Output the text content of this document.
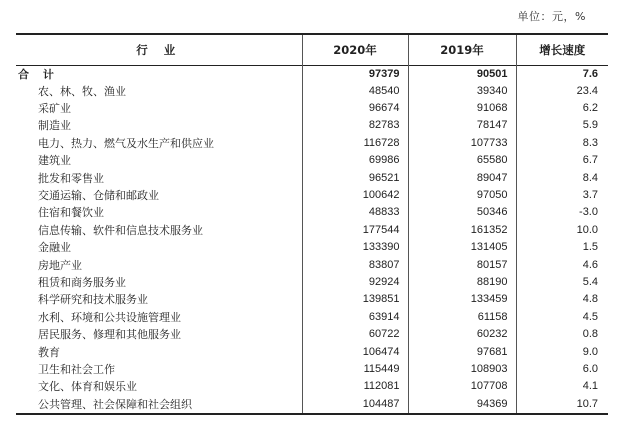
单位：元，%
行 业	2020年	2019年	增长速度
合 计	97379	90501	7.6
农、林、牧、渔业	48540	39340	23.4
采矿业	96674	91068	6.2
制造业	82783	78147	5.9
电力、热力、燃气及水生产和供应业	116728	107733	8.3
建筑业	69986	65580	6.7
批发和零售业	96521	89047	8.4
交通运输、仓储和邮政业	100642	97050	3.7
住宿和餐饮业	48833	50346	-3.0
信息传输、软件和信息技术服务业	177544	161352	10.0
金融业	133390	131405	1.5
房地产业	83807	80157	4.6
租赁和商务服务业	92924	88190	5.4
科学研究和技术服务业	139851	133459	4.8
水利、环境和公共设施管理业	63914	61158	4.5
居民服务、修理和其他服务业	60722	60232	0.8
教育	106474	97681	9.0
卫生和社会工作	115449	108903	6.0
文化、体育和娱乐业	112081	107708	4.1
公共管理、社会保障和社会组织	104487	94369	10.7
